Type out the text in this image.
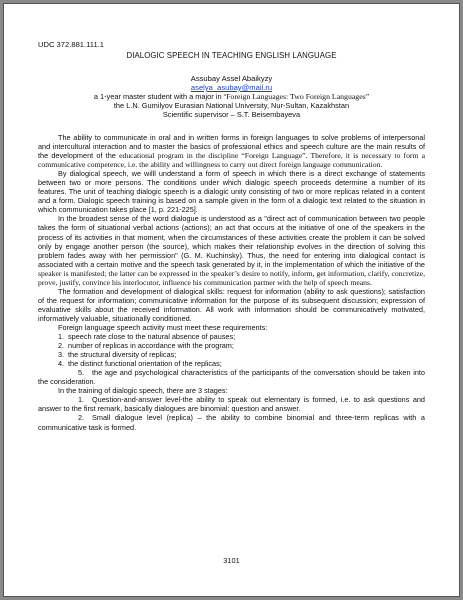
UDC 372.881.111.1

DIALOGIC SPEECH IN TEACHING ENGLISH LANGUAGE

Assubay Assel Abaikyzy

aselya_asubay@mail.ru

a 1-year master student with a major in “Foreign Languages: Two Foreign Languages”

the L.N. Gumilyov Eurasian National University, Nur-Sultan, Kazakhstan

Scientific supervisor – S.T. Beisembayeva

The ability to communicate in oral and in written forms in foreign languages to solve problems of interpersonal and intercultural interaction and to master the basics of professional ethics and speech culture are the main results of the development of the educational program in the discipline “Foreign Language”. Therefore, it is necessary to form a communicative competence, i.e. the ability and willingness to carry out direct foreign language communication.

By dialogical speech, we willl understand a form of speech in which there is a direct exchange of statements between two or more persons. The conditions under which dialogic speech proceeds determine a number of its features. The unit of teaching dialogic speech is a dialogic unity consisting of two or more replicas related in a content and a form. Dialogic speech training is based on a sample given in the form of a dialogic text related to the situation in which communication takes place [1, p. 221-225].

In the broadest sense of the word dialogue is understood as a "direct act of communication between two people takes the form of situational verbal actions (actions); an act that occurs at the initiative of one of the speakers in the process of its activities in that moment, when the circumstances of these activities create the problem it can be solved only by engage another person (the source), which makes their relationship evolves in the direction of solving this problem fades away with her permission" (G. M. Kuchinsky). Thus, the need for entering into dialogical contact is associated with a certain motive and the speech task generated by it, in the implementation of which the initiative of the speaker is manifested; the latter can be expressed in the speaker’s desire to notify, inform, get information, clarify, concretize, prove, justify, convince his interlocutor, influence his communication partner with the help of speech means.

The formation and development of dialogical skills: request for information (ability to ask questions); satisfaction of the request for information; communicative information for the purpose of its subsequent discussion; expression of evaluative skills about the received information. All work with information should be communicatively motivated, informatively valuable, situationally conditioned.

Foreign language speech activity must meet these requirements:

1. speech rate close to the natural absence of pauses;

2. number of replicas in accordance with the program;

3. the structural diversity of replicas;

4. the distinct functional orientation of the replicas;

5. the age and psychological characteristics of the participants of the conversation should be taken into the consideration.

In the training of dialogic speech, there are 3 stages:

1. Question-and-answer level-the ability to speak out elementary is formed, i.e. to ask questions and answer to the first remark, basically dialogues are binomial: question and answer.

2. Small dialogue level (replica) – the ability to combine binomial and three-term replicas with a communicative task is formed.

3101
